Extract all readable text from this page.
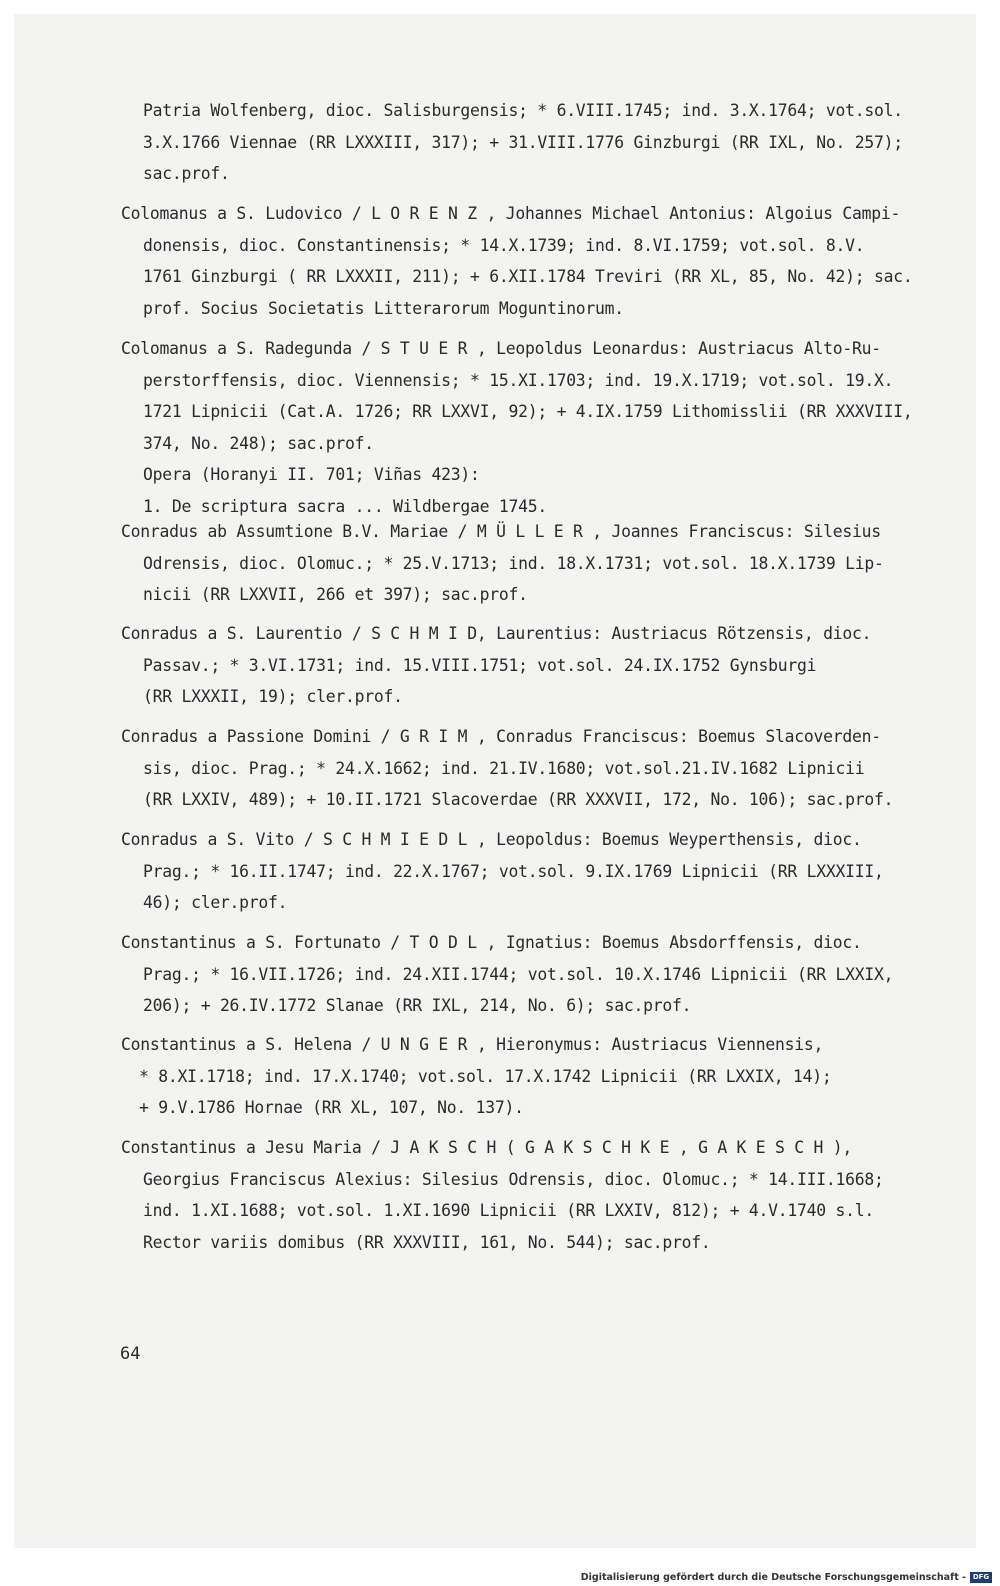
Patria Wolfenberg, dioc. Salisburgensis; * 6.VIII.1745; ind. 3.X.1764; vot.sol.
3.X.1766 Viennae (RR LXXXIII, 317); + 31.VIII.1776 Ginzburgi (RR IXL, No. 257);
sac.prof.
Colomanus a S. Ludovico / L O R E N Z , Johannes Michael Antonius: Algoius Campi-
donensis, dioc. Constantinensis; * 14.X.1739; ind. 8.VI.1759; vot.sol. 8.V.
1761 Ginzburgi ( RR LXXXII, 211); + 6.XII.1784 Treviri (RR XL, 85, No. 42); sac.
prof. Socius Societatis Litterarorum Moguntinorum.
Colomanus a S. Radegunda / S T U E R , Leopoldus Leonardus: Austriacus Alto-Ru-
perstorffensis, dioc. Viennensis; * 15.XI.1703; ind. 19.X.1719; vot.sol. 19.X.
1721 Lipnicii (Cat.A. 1726; RR LXXVI, 92); + 4.IX.1759 Lithomisslii (RR XXXVIII,
374, No. 248); sac.prof.
Opera (Horanyi II. 701; Viñas 423):
1. De scriptura sacra ... Wildbergae 1745.
Conradus ab Assumtione B.V. Mariae / M Ü L L E R , Joannes Franciscus: Silesius
Odrensis, dioc. Olomuc.; * 25.V.1713; ind. 18.X.1731; vot.sol. 18.X.1739 Lip-
nicii (RR LXXVII, 266 et 397); sac.prof.
Conradus a S. Laurentio / S C H M I D, Laurentius: Austriacus Rötzensis, dioc.
Passav.; * 3.VI.1731; ind. 15.VIII.1751; vot.sol. 24.IX.1752 Gynsburgi
(RR LXXXII, 19); cler.prof.
Conradus a Passione Domini / G R I M , Conradus Franciscus: Boemus Slacoverden-
sis, dioc. Prag.; * 24.X.1662; ind. 21.IV.1680; vot.sol.21.IV.1682 Lipnicii
(RR LXXIV, 489); + 10.II.1721 Slacoverdae (RR XXXVII, 172, No. 106); sac.prof.
Conradus a S. Vito / S C H M I E D L , Leopoldus: Boemus Weyperthensis, dioc.
Prag.; * 16.II.1747; ind. 22.X.1767; vot.sol. 9.IX.1769 Lipnicii (RR LXXXIII,
46); cler.prof.
Constantinus a S. Fortunato / T O D L , Ignatius: Boemus Absdorffensis, dioc.
Prag.; * 16.VII.1726; ind. 24.XII.1744; vot.sol. 10.X.1746 Lipnicii (RR LXXIX,
206); + 26.IV.1772 Slanae (RR IXL, 214, No. 6); sac.prof.
Constantinus a S. Helena / U N G E R , Hieronymus: Austriacus Viennensis,
* 8.XI.1718; ind. 17.X.1740; vot.sol. 17.X.1742 Lipnicii (RR LXXIX, 14);
+ 9.V.1786 Hornae (RR XL, 107, No. 137).
Constantinus a Jesu Maria / J A K S C H ( G A K S C H K E , G A K E S C H ),
Georgius Franciscus Alexius: Silesius Odrensis, dioc. Olomuc.; * 14.III.1668;
ind. 1.XI.1688; vot.sol. 1.XI.1690 Lipnicii (RR LXXIV, 812); + 4.V.1740 s.l.
Rector variis domibus (RR XXXVIII, 161, No. 544); sac.prof.
64
Digitalisierung gefördert durch die Deutsche Forschungsgemeinschaft - DFG
